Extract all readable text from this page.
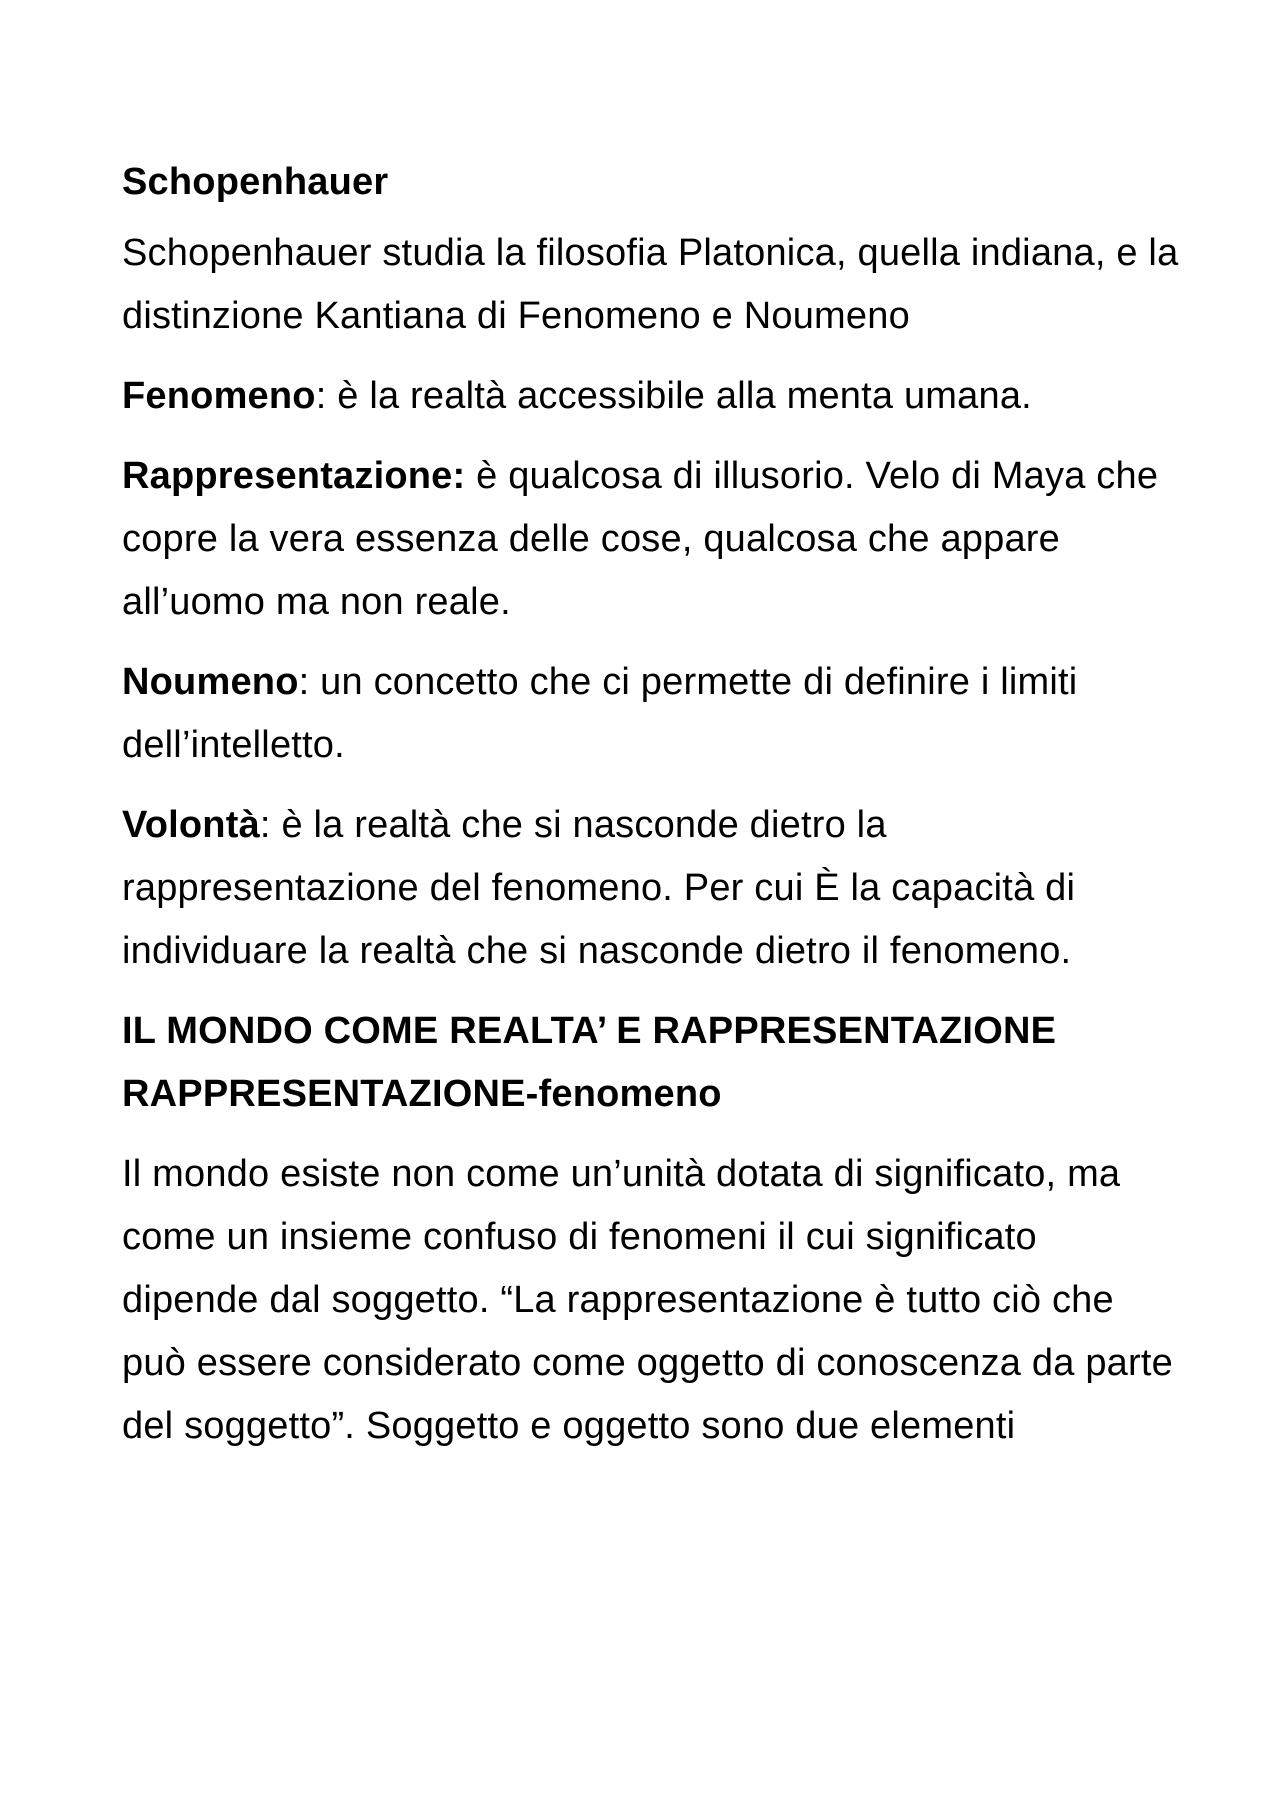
Schopenhauer

Schopenhauer studia la filosofia Platonica, quella indiana, e la distinzione Kantiana di Fenomeno e Noumeno

Fenomeno: è la realtà accessibile alla menta umana.

Rappresentazione: è qualcosa di illusorio. Velo di Maya che copre la vera essenza delle cose, qualcosa che appare all’uomo ma non reale.

Noumeno: un concetto che ci permette di definire i limiti dell’intelletto.

Volontà: è la realtà che si nasconde dietro la rappresentazione del fenomeno. Per cui È la capacità di individuare la realtà che si nasconde dietro il fenomeno.

IL MONDO COME REALTA’ E RAPPRESENTAZIONE
RAPPRESENTAZIONE-fenomeno

Il mondo esiste non come un’unità dotata di significato, ma come un insieme confuso di fenomeni il cui significato dipende dal soggetto. “La rappresentazione è tutto ciò che può essere considerato come oggetto di conoscenza da parte del soggetto”. Soggetto e oggetto sono due elementi
